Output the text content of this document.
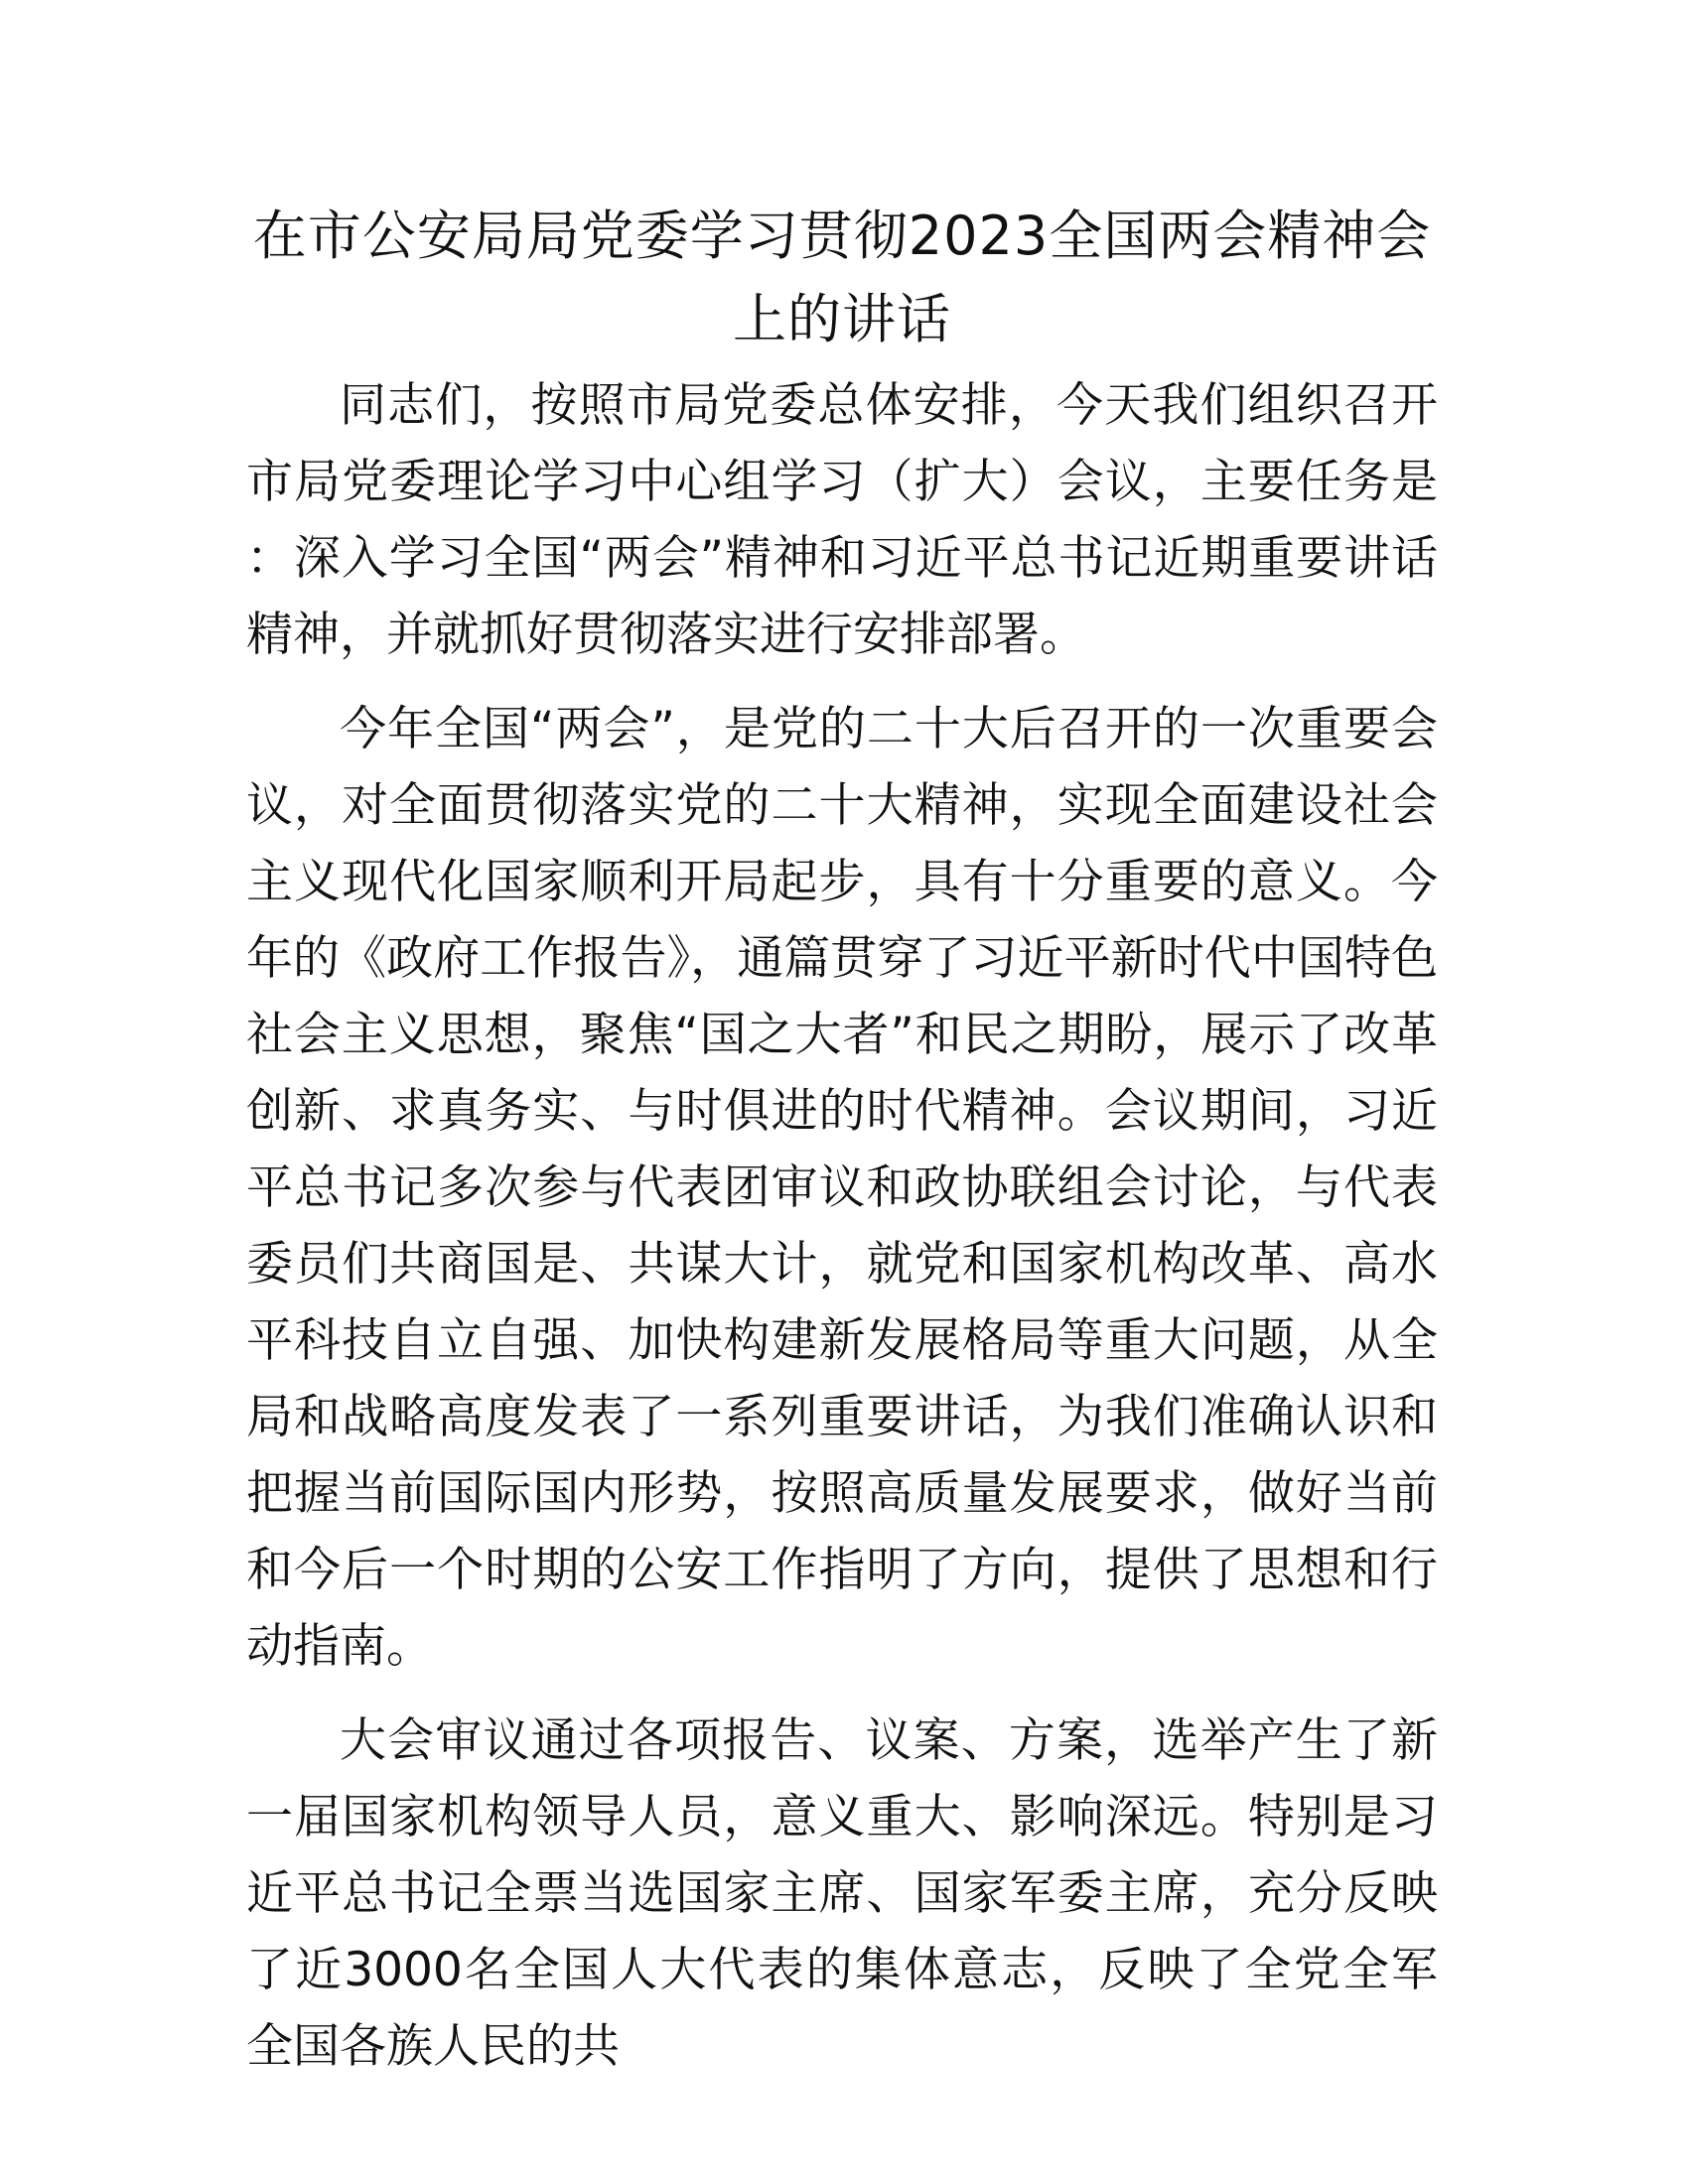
在市公安局局党委学习贯彻2023全国两会精神会上的讲话

同志们，按照市局党委总体安排，今天我们组织召开市局党委理论学习中心组学习（扩大）会议，主要任务是：深入学习全国“两会”精神和习近平总书记近期重要讲话精神，并就抓好贯彻落实进行安排部署。

今年全国“两会”，是党的二十大后召开的一次重要会议，对全面贯彻落实党的二十大精神，实现全面建设社会主义现代化国家顺利开局起步，具有十分重要的意义。今年的《政府工作报告》，通篇贯穿了习近平新时代中国特色社会主义思想，聚焦“国之大者”和民之期盼，展示了改革创新、求真务实、与时俱进的时代精神。会议期间，习近平总书记多次参与代表团审议和政协联组会讨论，与代表委员们共商国是、共谋大计，就党和国家机构改革、高水平科技自立自强、加快构建新发展格局等重大问题，从全局和战略高度发表了一系列重要讲话，为我们准确认识和把握当前国际国内形势，按照高质量发展要求，做好当前和今后一个时期的公安工作指明了方向，提供了思想和行动指南。

大会审议通过各项报告、议案、方案，选举产生了新一届国家机构领导人员，意义重大、影响深远。特别是习近平总书记全票当选国家主席、国家军委主席，充分反映了近3000名全国人大代表的集体意志，反映了全党全军全国各族人民的共
